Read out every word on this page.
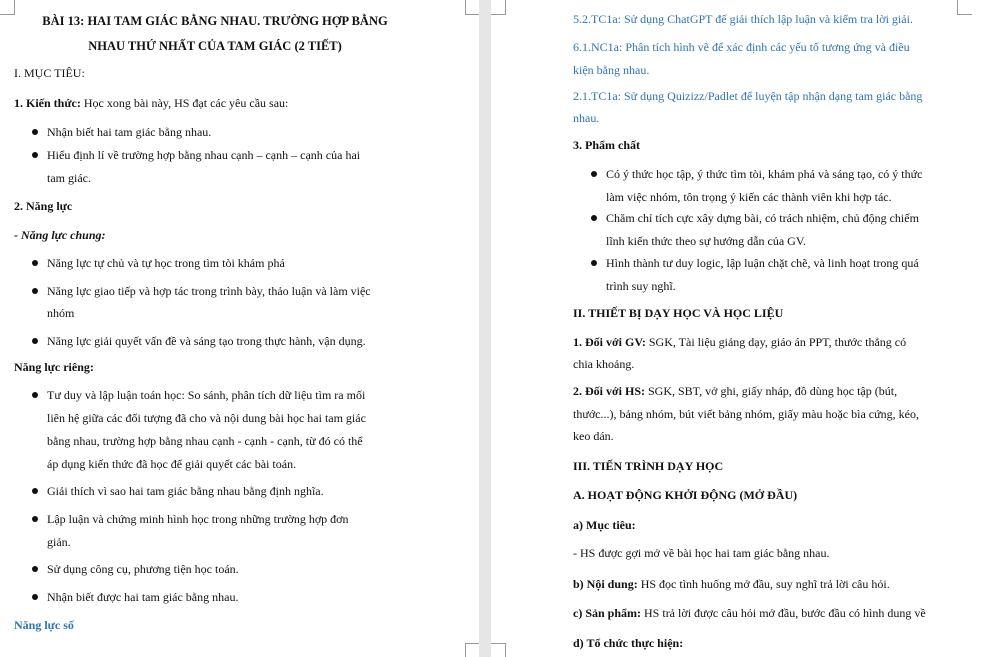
BÀI 13: HAI TAM GIÁC BẰNG NHAU. TRƯỜNG HỢP BẰNG
NHAU THỨ NHẤT CỦA TAM GIÁC (2 TIẾT)
I. MỤC TIÊU:
1. Kiến thức: Học xong bài này, HS đạt các yêu cầu sau:
Nhận biết hai tam giác bằng nhau.
Hiểu định lí về trường hợp bằng nhau cạnh – cạnh – cạnh của hai
tam giác.
2. Năng lực
- Năng lực chung:
Năng lực tự chủ và tự học trong tìm tòi khám phá
Năng lực giao tiếp và hợp tác trong trình bày, thảo luận và làm việc
nhóm
Năng lực giải quyết vấn đề và sáng tạo trong thực hành, vận dụng.
Năng lực riêng:
Tư duy và lập luận toán học: So sánh, phân tích dữ liệu tìm ra mối
liên hệ giữa các đối tượng đã cho và nội dung bài học hai tam giác
bằng nhau, trường hợp bằng nhau cạnh - cạnh - cạnh, từ đó có thể
áp dụng kiến thức đã học để giải quyết các bài toán.
Giải thích vì sao hai tam giác bằng nhau bằng định nghĩa.
Lập luận và chứng minh hình học trong những trường hợp đơn
giản.
Sử dụng công cụ, phương tiện học toán.
Nhận biết được hai tam giác bằng nhau.
Năng lực số
5.2.TC1a: Sử dụng ChatGPT để giải thích lập luận và kiểm tra lời giải.
6.1.NC1a: Phân tích hình vẽ để xác định các yếu tố tương ứng và điều
kiện bằng nhau.
2.1.TC1a: Sử dụng Quizizz/Padlet để luyện tập nhận dạng tam giác bằng
nhau.
3. Phẩm chất
Có ý thức học tập, ý thức tìm tòi, khám phá và sáng tạo, có ý thức
làm việc nhóm, tôn trọng ý kiến các thành viên khi hợp tác.
Chăm chỉ tích cực xây dựng bài, có trách nhiệm, chủ động chiếm
lĩnh kiến thức theo sự hướng dẫn của GV.
Hình thành tư duy logic, lập luận chặt chẽ, và linh hoạt trong quá
trình suy nghĩ.
II. THIẾT BỊ DẠY HỌC VÀ HỌC LIỆU
1. Đối với GV: SGK, Tài liệu giảng dạy, giáo án PPT, thước thẳng có
chia khoảng.
2. Đối với HS: SGK, SBT, vở ghi, giấy nháp, đồ dùng học tập (bút,
thước...), bảng nhóm, bút viết bảng nhóm, giấy màu hoặc bìa cứng, kéo,
keo dán.
III. TIẾN TRÌNH DẠY HỌC
A. HOẠT ĐỘNG KHỞI ĐỘNG (MỞ ĐẦU)
a) Mục tiêu:
- HS được gợi mở về bài học hai tam giác bằng nhau.
b) Nội dung: HS đọc tình huống mở đầu, suy nghĩ trả lời câu hỏi.
c) Sản phẩm: HS trả lời được câu hỏi mở đầu, bước đầu có hình dung về
d) Tổ chức thực hiện:
